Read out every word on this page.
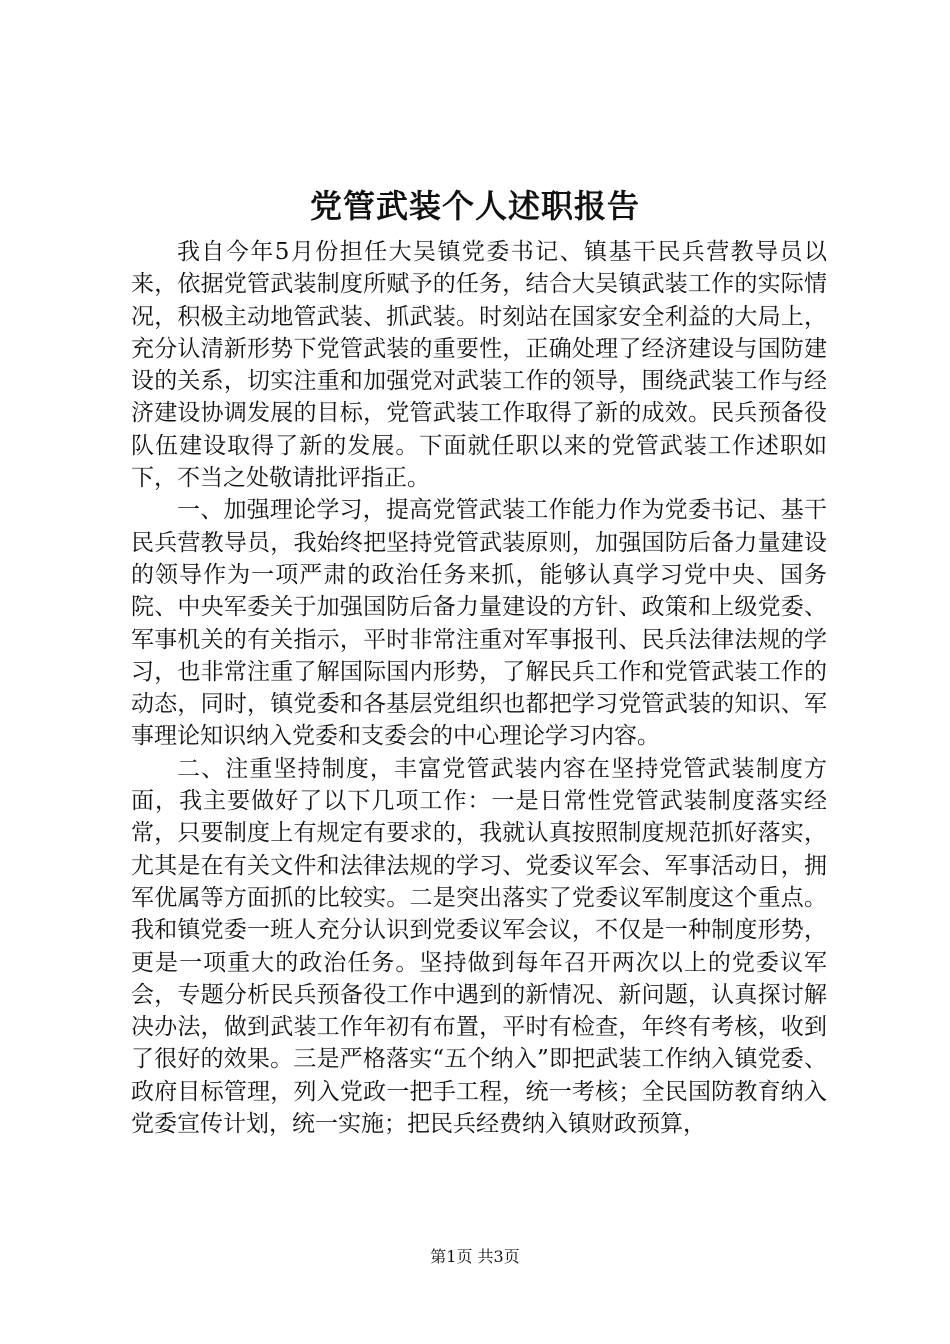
党管武装个人述职报告

我自今年5月份担任大吴镇党委书记、镇基干民兵营教导员以来，依据党管武装制度所赋予的任务，结合大吴镇武装工作的实际情况，积极主动地管武装、抓武装。时刻站在国家安全利益的大局上，充分认清新形势下党管武装的重要性，正确处理了经济建设与国防建设的关系，切实注重和加强党对武装工作的领导，围绕武装工作与经济建设协调发展的目标，党管武装工作取得了新的成效。民兵预备役队伍建设取得了新的发展。下面就任职以来的党管武装工作述职如下，不当之处敬请批评指正。

一、加强理论学习，提高党管武装工作能力作为党委书记、基干民兵营教导员，我始终把坚持党管武装原则，加强国防后备力量建设的领导作为一项严肃的政治任务来抓，能够认真学习党中央、国务院、中央军委关于加强国防后备力量建设的方针、政策和上级党委、军事机关的有关指示，平时非常注重对军事报刊、民兵法律法规的学习，也非常注重了解国际国内形势，了解民兵工作和党管武装工作的动态，同时，镇党委和各基层党组织也都把学习党管武装的知识、军事理论知识纳入党委和支委会的中心理论学习内容。

二、注重坚持制度，丰富党管武装内容在坚持党管武装制度方面，我主要做好了以下几项工作：一是日常性党管武装制度落实经常，只要制度上有规定有要求的，我就认真按照制度规范抓好落实，尤其是在有关文件和法律法规的学习、党委议军会、军事活动日，拥军优属等方面抓的比较实。二是突出落实了党委议军制度这个重点。我和镇党委一班人充分认识到党委议军会议，不仅是一种制度形势，更是一项重大的政治任务。坚持做到每年召开两次以上的党委议军会，专题分析民兵预备役工作中遇到的新情况、新问题，认真探讨解决办法，做到武装工作年初有布置，平时有检查，年终有考核，收到了很好的效果。三是严格落实“五个纳入”即把武装工作纳入镇党委、政府目标管理，列入党政一把手工程，统一考核；全民国防教育纳入党委宣传计划，统一实施；把民兵经费纳入镇财政预算，

第1页 共3页
